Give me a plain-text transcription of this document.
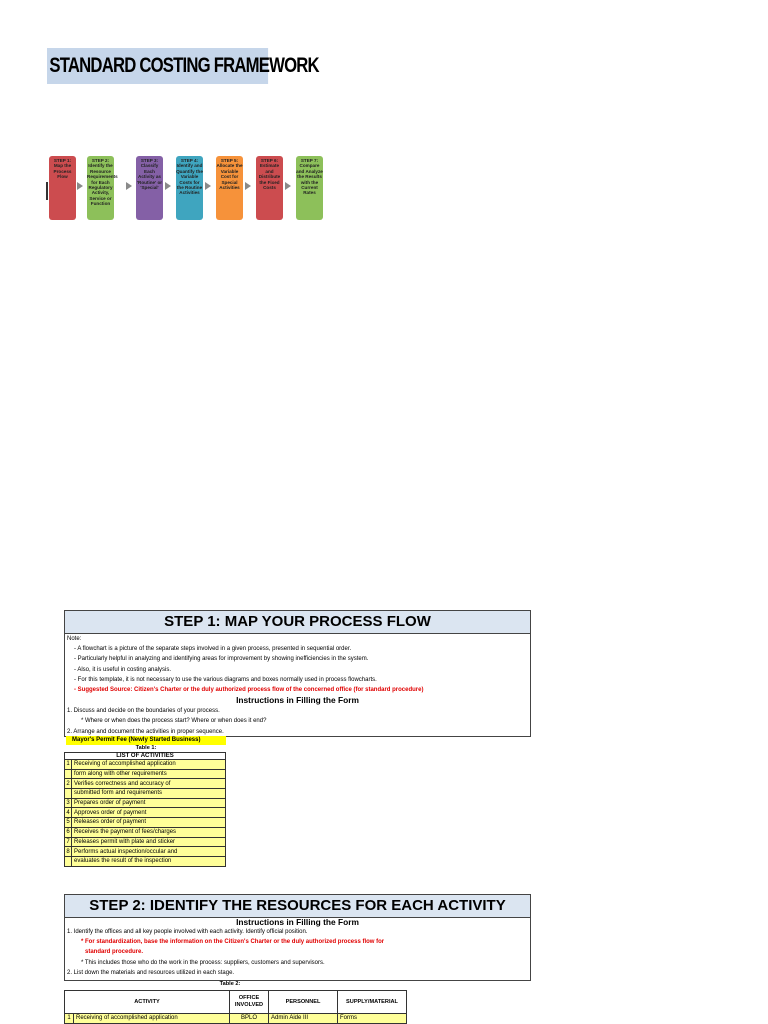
STANDARD COSTING FRAMEWORK
STEP 1: Map the Process Flow
STEP 2: Identify the Resource Requirements for Each Regulatory Activity, Service or Function
STEP 3: Classify Each Activity as 'Routine' or 'Special'
STEP 4: Identify and Quantify the Variable Costs for the Routine Activities
STEP 5: Allocate the Variable Cost for Special Activities
STEP 6: Estimate and Distribute the Fixed Costs
STEP 7: Compare and Analyze the Results with the Current Rates
STEP 1: MAP YOUR PROCESS FLOW
Note:
- A flowchart is a picture of the separate steps involved in a given process, presented in sequential order.
- Particularly helpful in analyzing and identifying areas for improvement by showing inefficiencies in the system.
- Also, it is useful in costing analysis.
- For this template, it is not necessary to use the various diagrams and boxes normally used in process flowcharts.
- Suggested Source: Citizen's Charter or the duly authorized process flow of the concerned office (for standard procedure)
Instructions in Filling the Form
1. Discuss and decide on the boundaries of your process.
* Where or when does the process start? Where or when does it end?
2. Arrange and document the activities in proper sequence.
Mayor's Permit Fee (Newly Started Business)
Table 1:
LIST OF ACTIVITIES	
1	Receiving of accomplished application
	form along with other requirements
2	Verifies correctness and accuracy of
	submitted form and requirements
3	Prepares order of payment
4	Approves order of payment
5	Releases order of payment
6	Receives the payment of fees/charges
7	Releases permit with plate and sticker
8	Performs actual inspection/occular and
	evaluates the result of the inspection
STEP 2: IDENTIFY THE RESOURCES FOR EACH ACTIVITY
Instructions in Filling the Form
1. Identify the offices and all key people involved with each activity. Identify official position.
* For standardization, base the information on the Citizen's Charter or the duly authorized process flow for
standard procedure.
* This includes those who do the work in the process: suppliers, customers and supervisors.
2. List down the materials and resources utilized in each stage.
Table 2:
ACTIVITY		OFFICE INVOLVED	PERSONNEL	SUPPLY/MATERIAL
1	Receiving of accomplished application	BPLO	Admin Aide III	Forms
